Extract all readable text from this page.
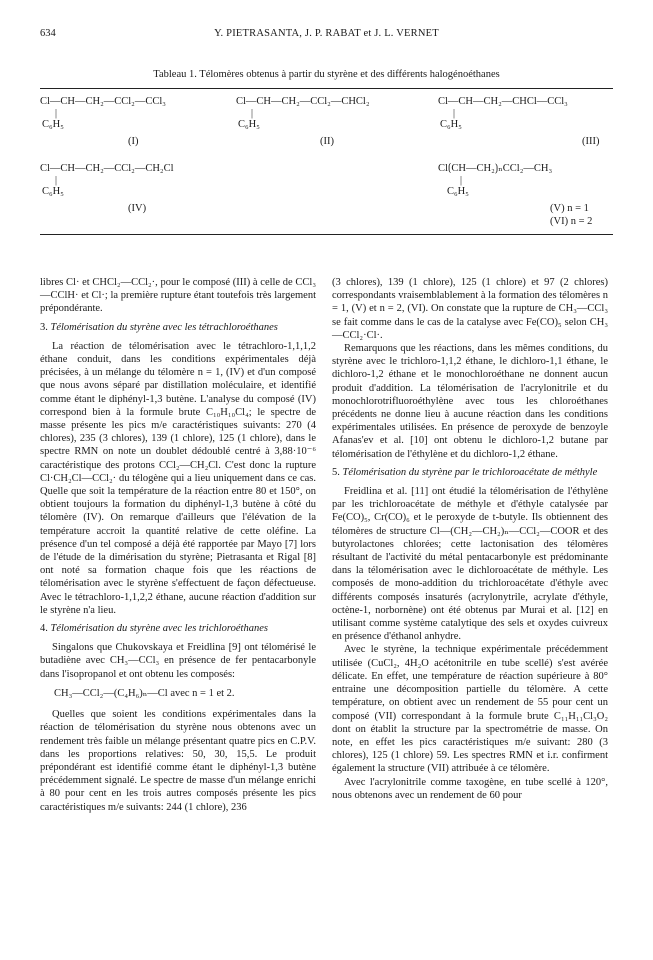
634	Y. PIETRASANTA, J. P. RABAT et J. L. VERNET
Tableau 1. Télomères obtenus à partir du styrène et des différents halogénoéthanes
Cl—CH—CH₂—CCl₂—CCl₃
|
C₆H₅
(I)
Cl—CH—CH₂—CCl₂—CHCl₂
|
C₆H₅
(II)
Cl—CH—CH₂—CHCl—CCl₃
|
C₆H₅
(III)
Cl—CH—CH₂—CCl₂—CH₂Cl
|
C₆H₅
(IV)
Cl⟮CH—CH₂⟯ₙCCl₂—CH₃
|
C₆H₅
(V) n = 1
(VI) n = 2

libres Cl· et CHCl₂—CCl₂·, pour le composé (III) à celle de CCl₃—CClH· et Cl·; la première rupture étant toutefois très largement prépondérante.

3. Télomérisation du styrène avec les tétrachloroéthanes

La réaction de télomérisation avec le tétrachloro-1,1,1,2 éthane conduit, dans les conditions expérimentales déjà précisées, à un mélange du télomère n = 1, (IV) et d'un composé que nous avons séparé par distillation moléculaire, et identifié comme étant le diphényl-1,3 butène. L'analyse du composé (IV) correspond bien à la formule brute C₁₀H₁₀Cl₄; le spectre de masse présente les pics m/e caractéristiques suivants: 270 (4 chlores), 235 (3 chlores), 139 (1 chlore), 125 (1 chlore), dans le spectre RMN on note un doublet dédoublé centré à 3,88·10⁻⁶ caractéristique des protons CCl₂—CH₂Cl. C'est donc la rupture Cl·CH₂Cl—CCl₂· du télogène qui a lieu uniquement dans ce cas. Quelle que soit la température de la réaction entre 80 et 150°, on obtient toujours la formation du diphényl-1,3 butène à côté du télomère (IV). On remarque d'ailleurs que l'élévation de la température accroit la quantité relative de cette oléfine. La présence d'un tel composé a déjà été rapportée par Mayo [7] lors de l'étude de la dimérisation du styrène; Pietrasanta et Rigal [8] ont noté sa formation chaque fois que les réactions de télomérisation avec le styrène s'effectuent de façon défectueuse. Avec le tétrachloro-1,1,2,2 éthane, aucune réaction d'addition sur le styrène n'a lieu.

4. Télomérisation du styrène avec les trichloroéthanes

Singalons que Chukovskaya et Freidlina [9] ont télomérisé le butadiène avec CH₃—CCl₃ en présence de fer pentacarbonyle dans l'isopropanol et ont obtenu les composés:

CH₃—CCl₂—(C₄H₆)ₙ—Cl avec n = 1 et 2.

Quelles que soient les conditions expérimentales dans la réaction de télomérisation du styrène nous obtenons avec un rendement très faible un mélange présentant quatre pics en C.P.V. dans les proportions relatives: 50, 30, 15,5. Le produit prépondérant est identifié comme étant le diphényl-1,3 butène précédemment signalé. Le spectre de masse d'un mélange enrichi à 80 pour cent en les trois autres composés présente les pics caractéristiques m/e suivants: 244 (1 chlore), 236

(3 chlores), 139 (1 chlore), 125 (1 chlore) et 97 (2 chlores) correspondants vraisemblablement à la formation des télomères n = 1, (V) et n = 2, (VI). On constate que la rupture de CH₃—CCl₃ se fait comme dans le cas de la catalyse avec Fe(CO)₅ selon CH₃—CCl₂·Cl·.

Remarquons que les réactions, dans les mêmes conditions, du styrène avec le trichloro-1,1,2 éthane, le dichloro-1,1 éthane, le dichloro-1,2 éthane et le monochloroéthane ne donnent aucun produit d'addition. La télomérisation de l'acrylonitrile et du monochlorotrifluoroéthylène avec tous les chloroéthanes précédents ne donne lieu à aucune réaction dans les conditions expérimentales utilisées. En présence de peroxyde de benzoyle Afanas'ev et al. [10] ont obtenu le dichloro-1,2 butane par télomérisation de l'éthylène et du dichloro-1,2 éthane.

5. Télomérisation du styrène par le trichloroacétate de méthyle

Freidlina et al. [11] ont étudié la télomérisation de l'éthylène par les trichloroacétate de méthyle et d'éthyle catalysée par Fe(CO)₅, Cr(CO)₆ et le peroxyde de t-butyle. Ils obtiennent des télomères de structure Cl—(CH₂—CH₂)ₙ—CCl₂—COOR et des butyrolactones chlorées; cette lactonisation des télomères résultant de l'activité du métal pentacarbonyle est prédominante dans la télomérisation avec le dichloroacétate de méthyle. Les composés de mono-addition du trichloroacétate d'éthyle avec différents composés insaturés (acrylonytrile, acrylate d'éthyle, octène-1, norbornène) ont été obtenus par Murai et al. [12] en utilisant comme système catalytique des sels et oxydes cuivreux en présence d'éthanol anhydre.

Avec le styrène, la technique expérimentale précédemment utilisée (CuCl₂, 4H₂O acétonitrile en tube scellé) s'est avérée délicate. En effet, une température de réaction supérieure à 80° entraine une décomposition partielle du télomère. A cette température, on obtient avec un rendement de 55 pour cent un composé (VII) correspondant à la formule brute C₁₁H₁₁Cl₃O₂ dont on établit la structure par la spectrométrie de masse. On note, en effet les pics caractéristiques m/e suivant: 280 (3 chlores), 125 (1 chlore) 59. Les spectres RMN et i.r. confirment également la structure (VII) attribuée à ce télomère.

Avec l'acrylonitrile comme taxogène, en tube scellé à 120°, nous obtenons avec un rendement de 60 pour
